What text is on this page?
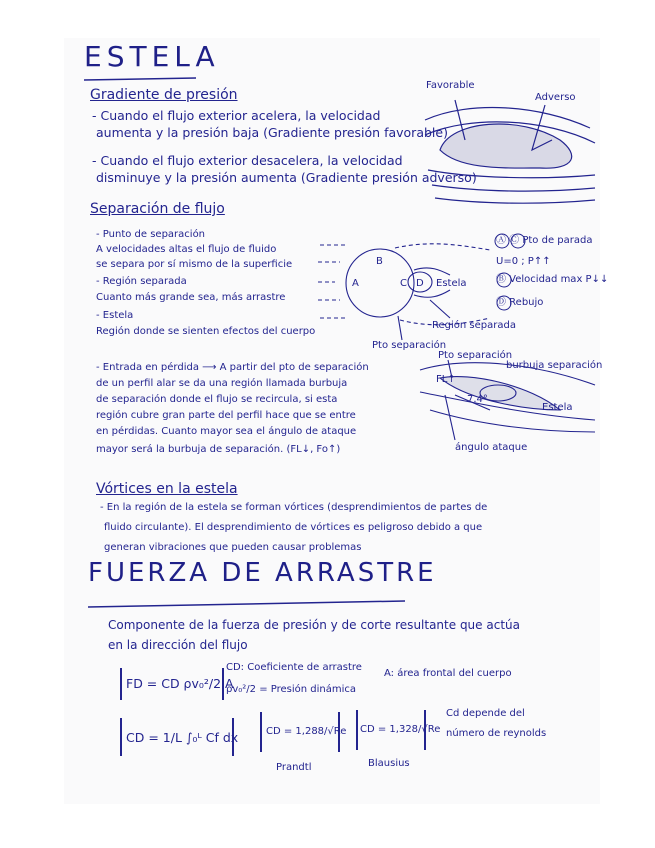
ESTELA
Gradiente de presión
- Cuando el flujo exterior acelera, la velocidad
aumenta y la presión baja (Gradiente presión favorable)
- Cuando el flujo exterior desacelera, la velocidad
disminuye y la presión aumenta (Gradiente presión adverso)
Favorable
Adverso
Separación de flujo
- Punto de separación
A velocidades altas el flujo de fluido
se separa por sí mismo de la superficie
- Región separada
Cuanto más grande sea, más arrastre
- Estela
Región donde se sienten efectos del cuerpo
A
B
C D Estela
Pto separación
Región separada
Ⓐ Ⓒ Pto de parada
U=0 ; P↑↑
Ⓑ Velocidad max P↓↓
Ⓓ Rebujo
- Entrada en pérdida ⟶ A partir del pto de separación
de un perfil alar se da una región llamada burbuja
de separación donde el flujo se recircula, si esta
región cubre gran parte del perfil hace que se entre
en pérdidas. Cuanto mayor sea el ángulo de ataque
mayor será la burbuja de separación. (FL↓, Fo↑)
Pto separación
burbuja separación
FL↑
7.4°
Estela
ángulo ataque
Vórtices en la estela
- En la región de la estela se forman vórtices (desprendimientos de partes de
fluido circulante). El desprendimiento de vórtices es peligroso debido a que
generan vibraciones que pueden causar problemas
FUERZA DE ARRASTRE
Componente de la fuerza de presión y de corte resultante que actúa
en la dirección del flujo
FD = CD ρv₀²/2 A
CD: Coeficiente de arrastre
ρv₀²/2 = Presión dinámica
A: área frontal del cuerpo
CD = 1/L ∫₀ᴸ Cf dx	CD = 1,288/√Re
Prandtl
CD = 1,328/√Re
Blausius
Cd depende del
número de reynolds
